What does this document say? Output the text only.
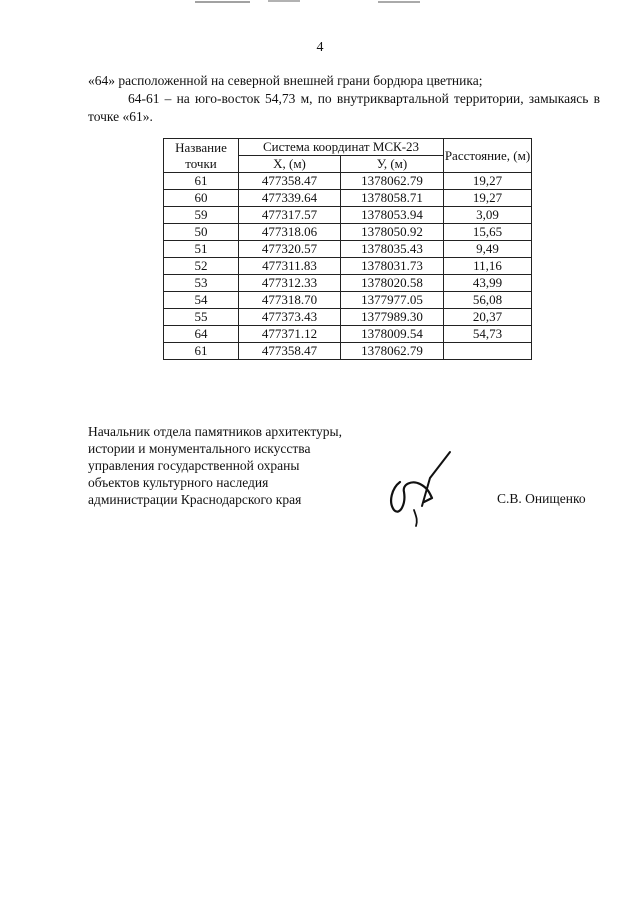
4
«64» расположенной на северной внешней грани бордюра цветника;
64-61 – на юго-восток 54,73 м, по внутриквартальной территории, замыкаясь в точке «61».
Название точки	Система координат МСК-23		Расстояние, (м)
	X, (м)	У, (м)	
61	477358.47	1378062.79	19,27
60	477339.64	1378058.71	19,27
59	477317.57	1378053.94	3,09
50	477318.06	1378050.92	15,65
51	477320.57	1378035.43	9,49
52	477311.83	1378031.73	11,16
53	477312.33	1378020.58	43,99
54	477318.70	1377977.05	56,08
55	477373.43	1377989.30	20,37
64	477371.12	1378009.54	54,73
61	477358.47	1378062.79	
Начальник отдела памятников архитектуры,
истории и монументального искусства
управления государственной охраны
объектов культурного наследия
администрации Краснодарского края	С.В. Онищенко
